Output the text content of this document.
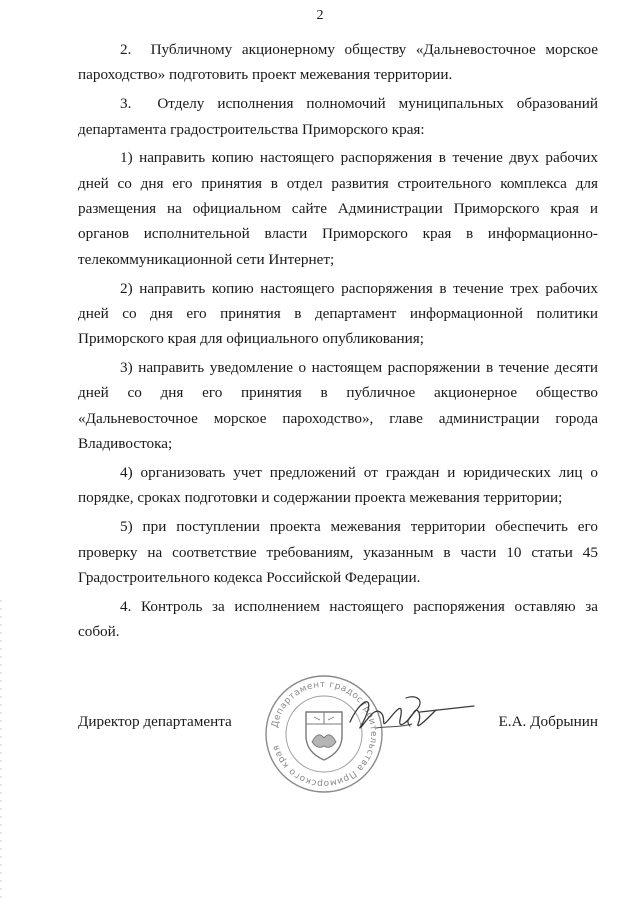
2

2.  Публичному акционерному обществу «Дальневосточное морское пароходство» подготовить проект межевания территории.

3.  Отделу исполнения полномочий муниципальных образований департамента градостроительства Приморского края:

1) направить копию настоящего распоряжения в течение двух рабочих дней со дня его принятия в отдел развития строительного комплекса для размещения на официальном сайте Администрации Приморского края и органов исполнительной власти Приморского края в информационно-телекоммуникационной сети Интернет;

2) направить копию настоящего распоряжения в течение трех рабочих дней со дня его принятия в департамент информационной политики Приморского края для официального опубликования;

3) направить уведомление о настоящем распоряжении в течение десяти дней со дня его принятия в публичное акционерное общество «Дальневосточное морское пароходство», главе администрации города Владивостока;

4) организовать учет предложений от граждан и юридических лиц о порядке, сроках подготовки и содержании проекта межевания территории;

5) при поступлении проекта межевания территории обеспечить его проверку на соответствие требованиям, указанным в части 10 статьи 45 Градостроительного кодекса Российской Федерации.

4. Контроль за исполнением настоящего распоряжения оставляю за собой.

Департамент градостроительства Приморского края
Директор департамента	Е.А. Добрынин
